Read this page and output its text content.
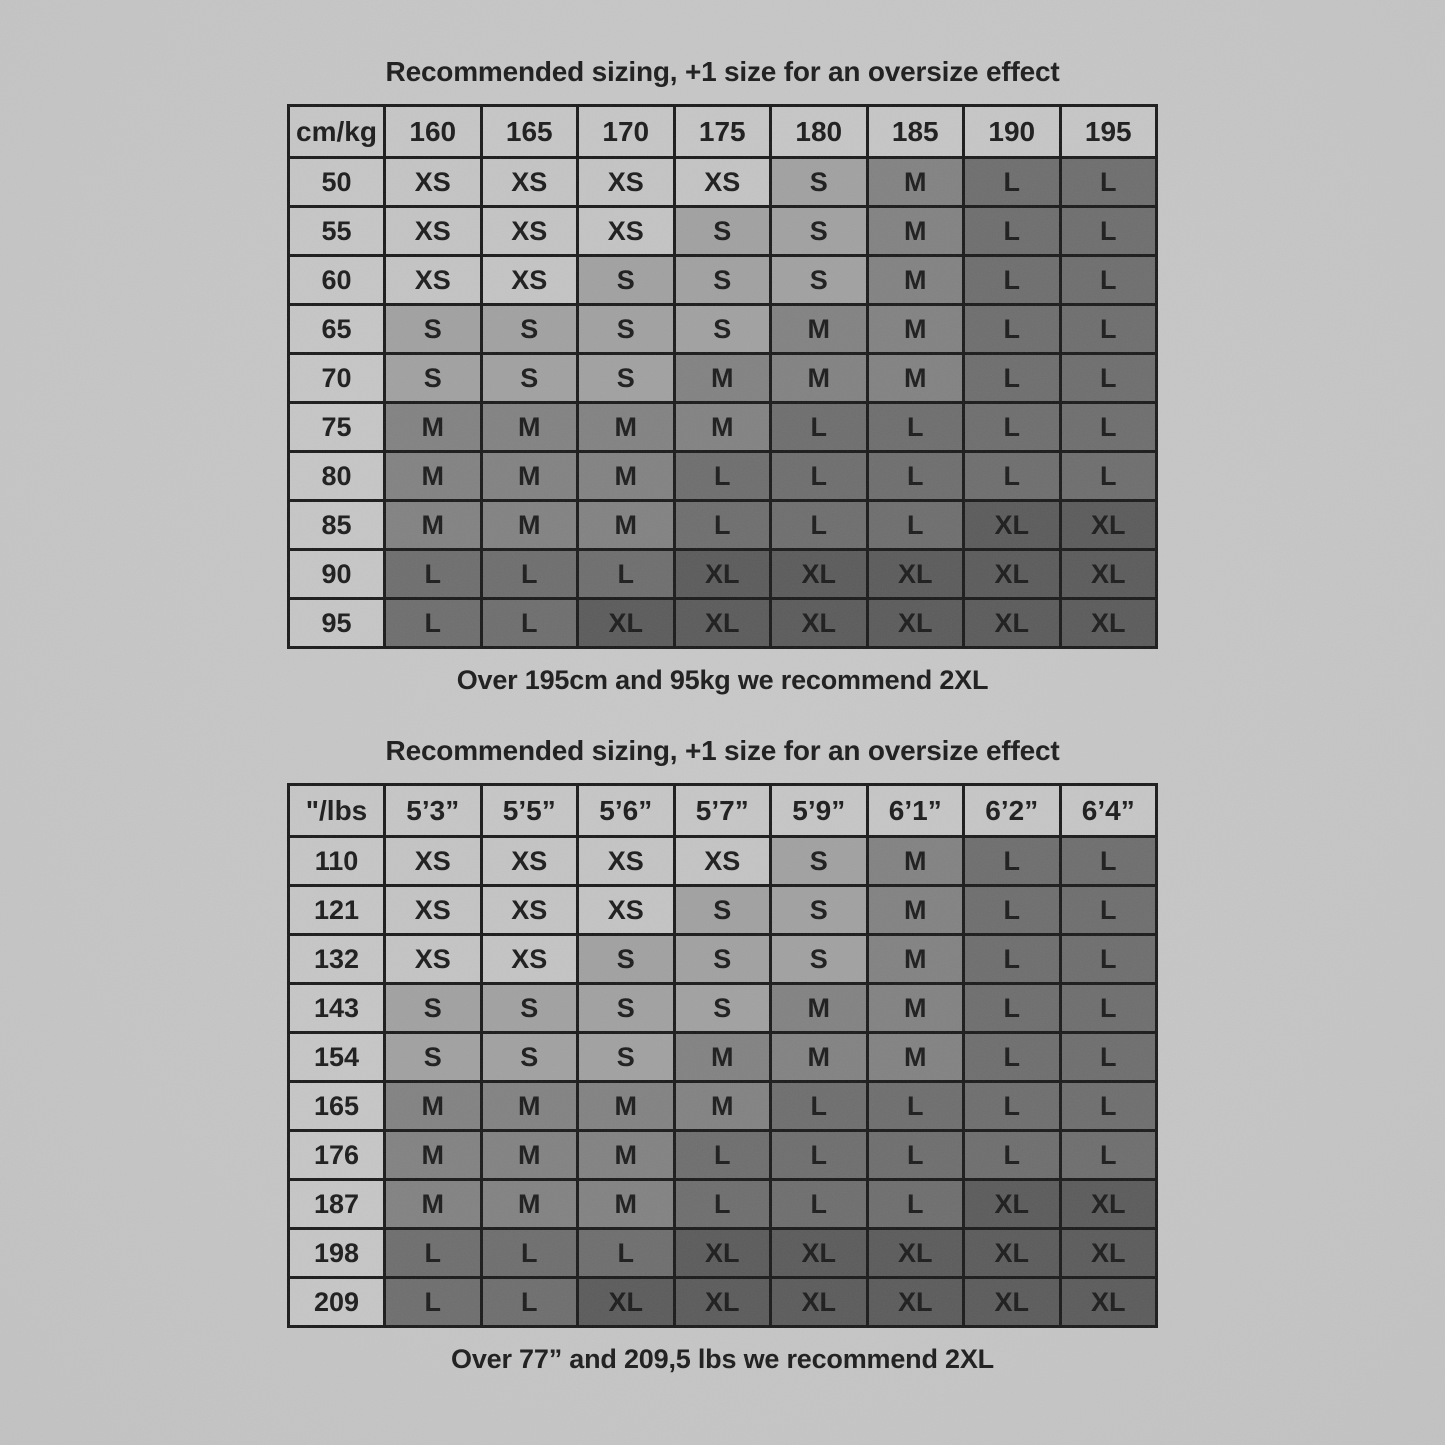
Recommended sizing, +1 size for an oversize effect
cm/kg	160	165	170	175	180	185	190	195
50	XS	XS	XS	XS	S	M	L	L
55	XS	XS	XS	S	S	M	L	L
60	XS	XS	S	S	S	M	L	L
65	S	S	S	S	M	M	L	L
70	S	S	S	M	M	M	L	L
75	M	M	M	M	L	L	L	L
80	M	M	M	L	L	L	L	L
85	M	M	M	L	L	L	XL	XL
90	L	L	L	XL	XL	XL	XL	XL
95	L	L	XL	XL	XL	XL	XL	XL

Over 195cm and 95kg we recommend 2XL

Recommended sizing, +1 size for an oversize effect
"/lbs	5’3”	5’5”	5’6”	5’7”	5’9”	6’1”	6’2”	6’4”
110	XS	XS	XS	XS	S	M	L	L
121	XS	XS	XS	S	S	M	L	L
132	XS	XS	S	S	S	M	L	L
143	S	S	S	S	M	M	L	L
154	S	S	S	M	M	M	L	L
165	M	M	M	M	L	L	L	L
176	M	M	M	L	L	L	L	L
187	M	M	M	L	L	L	XL	XL
198	L	L	L	XL	XL	XL	XL	XL
209	L	L	XL	XL	XL	XL	XL	XL

Over 77” and 209,5 lbs we recommend 2XL
